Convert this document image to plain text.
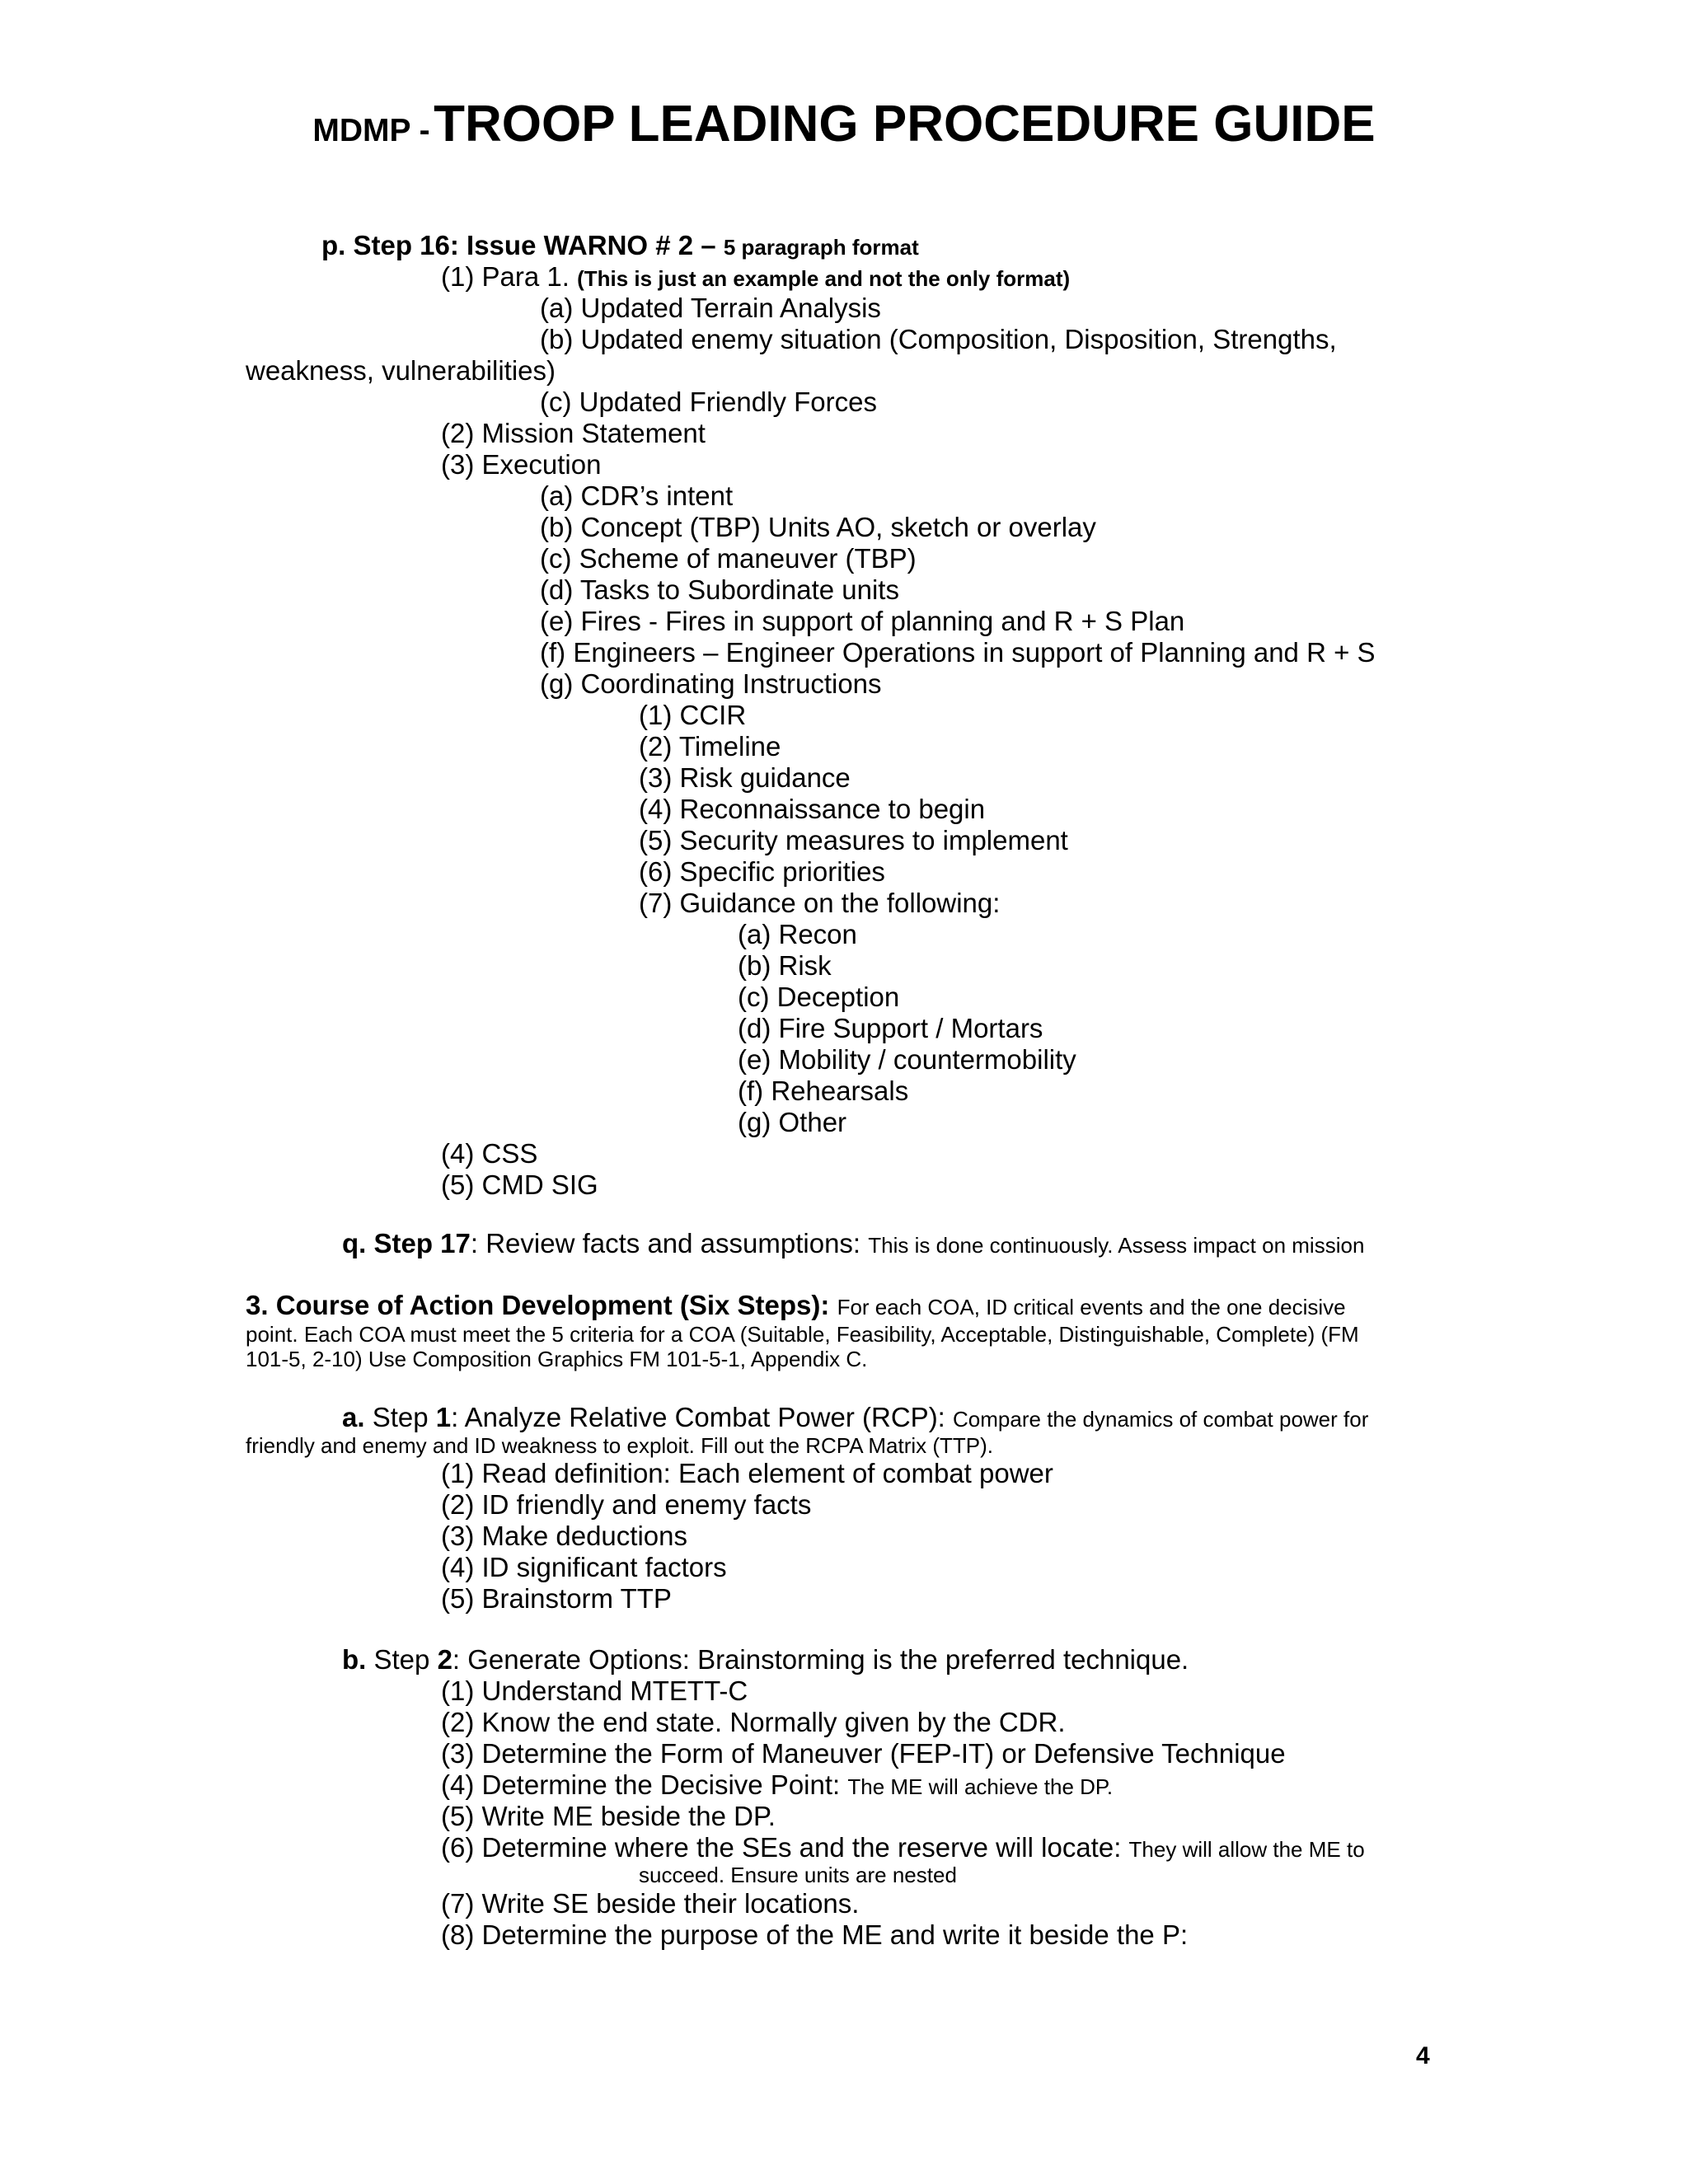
MDMP - TROOP LEADING PROCEDURE GUIDE
p. Step 16: Issue WARNO # 2 – 5 paragraph format
(1) Para 1. (This is just an example and not the only format)
(a) Updated Terrain Analysis
(b) Updated enemy situation (Composition, Disposition, Strengths,
weakness, vulnerabilities)
(c) Updated Friendly Forces
(2) Mission Statement
(3) Execution
(a) CDR’s intent
(b) Concept (TBP) Units AO, sketch or overlay
(c) Scheme of maneuver (TBP)
(d) Tasks to Subordinate units
(e) Fires - Fires in support of planning and R + S Plan
(f) Engineers – Engineer Operations in support of Planning and R + S
(g) Coordinating Instructions
(1) CCIR
(2) Timeline
(3) Risk guidance
(4) Reconnaissance to begin
(5) Security measures to implement
(6) Specific priorities
(7) Guidance on the following:
(a) Recon
(b) Risk
(c) Deception
(d) Fire Support / Mortars
(e) Mobility / countermobility
(f) Rehearsals
(g) Other
(4) CSS
(5) CMD SIG
q. Step 17: Review facts and assumptions: This is done continuously. Assess impact on mission
3. Course of Action Development (Six Steps): For each COA, ID critical events and the one decisive
point. Each COA must meet the 5 criteria for a COA (Suitable, Feasibility, Acceptable, Distinguishable, Complete) (FM
101-5, 2-10) Use Composition Graphics FM 101-5-1, Appendix C.
a. Step 1: Analyze Relative Combat Power (RCP): Compare the dynamics of combat power for
friendly and enemy and ID weakness to exploit. Fill out the RCPA Matrix (TTP).
(1) Read definition: Each element of combat power
(2) ID friendly and enemy facts
(3) Make deductions
(4) ID significant factors
(5) Brainstorm TTP
b. Step 2: Generate Options: Brainstorming is the preferred technique.
(1) Understand MTETT-C
(2) Know the end state. Normally given by the CDR.
(3) Determine the Form of Maneuver (FEP-IT) or Defensive Technique
(4) Determine the Decisive Point: The ME will achieve the DP.
(5) Write ME beside the DP.
(6) Determine where the SEs and the reserve will locate: They will allow the ME to
succeed. Ensure units are nested
(7) Write SE beside their locations.
(8) Determine the purpose of the ME and write it beside the P:
4
